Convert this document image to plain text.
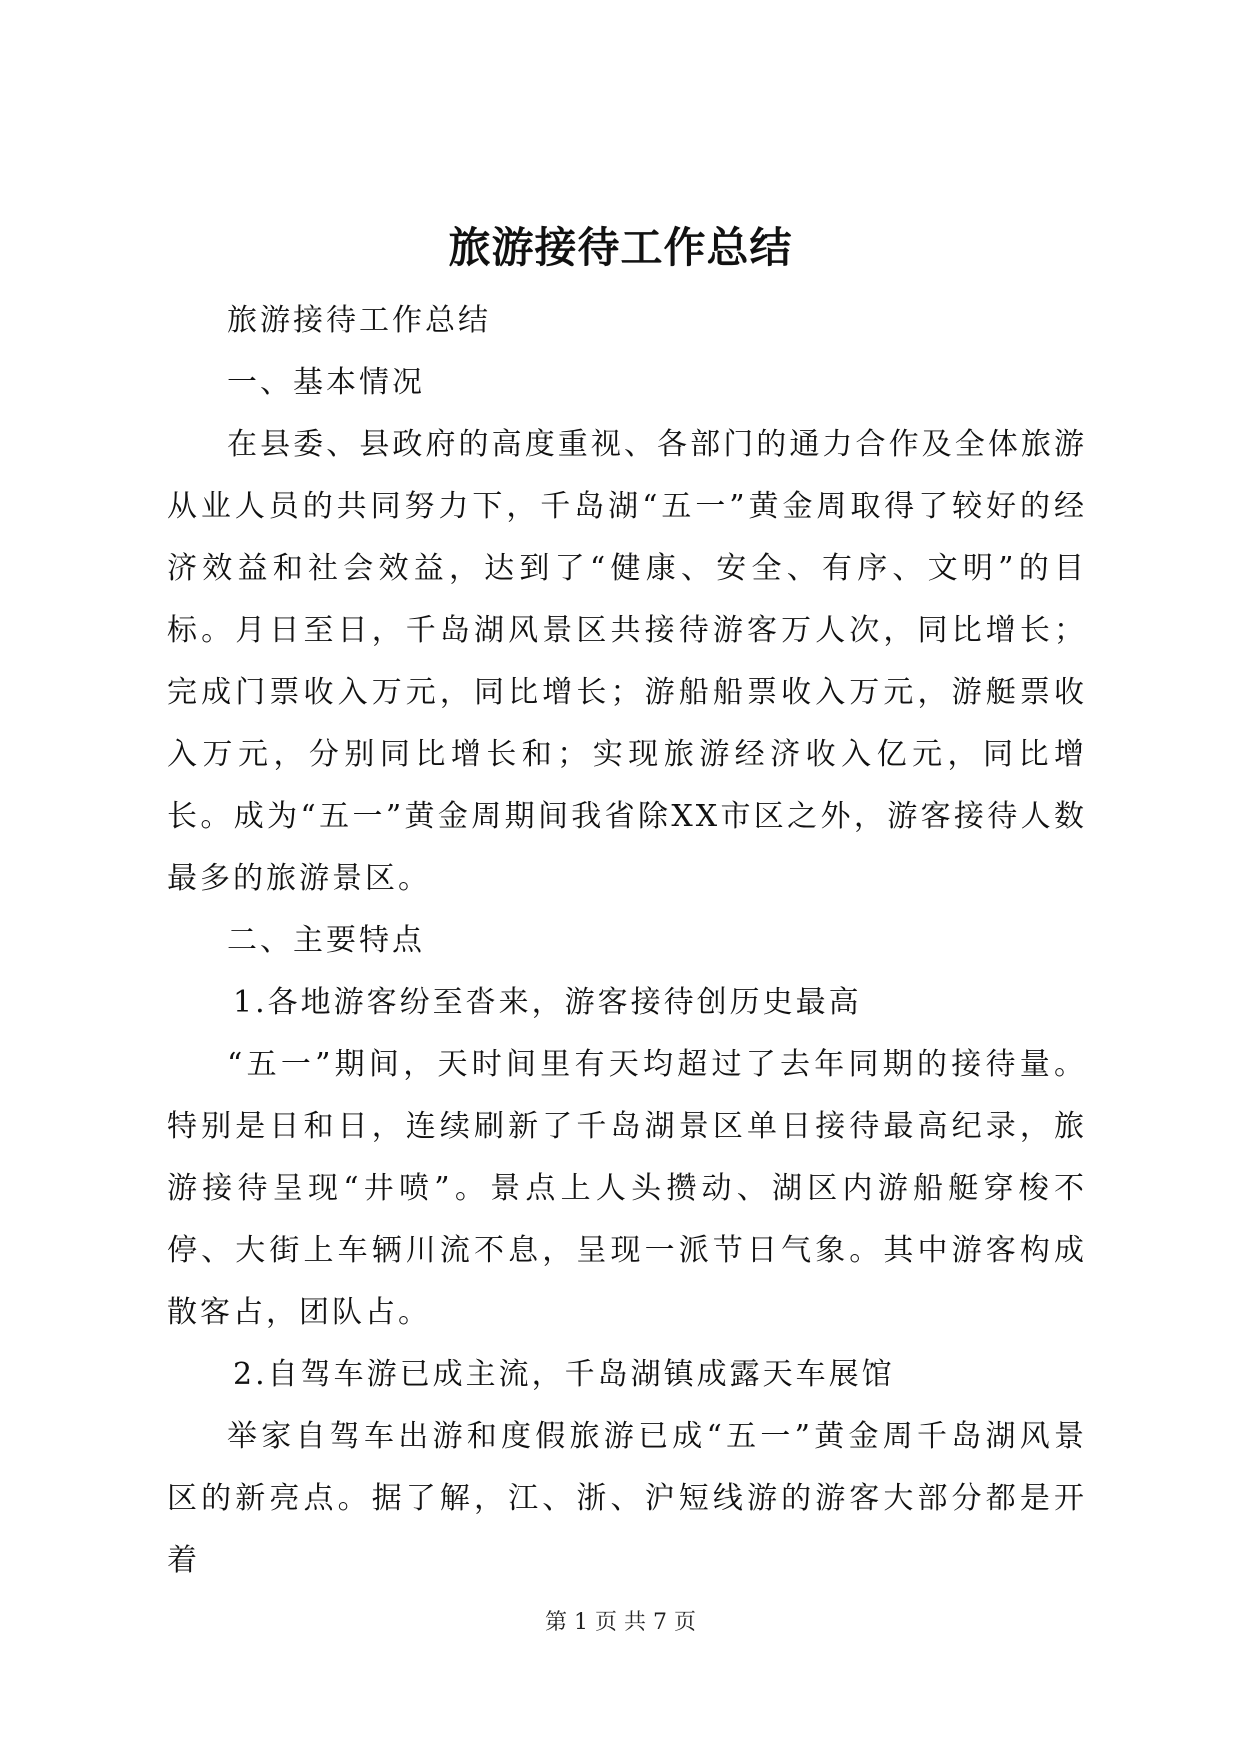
旅游接待工作总结

旅游接待工作总结

一、基本情况

在县委、县政府的高度重视、各部门的通力合作及全体旅游从业人员的共同努力下，千岛湖“五一”黄金周取得了较好的经济效益和社会效益，达到了“健康、安全、有序、文明”的目标。月日至日，千岛湖风景区共接待游客万人次，同比增长；完成门票收入万元，同比增长；游船船票收入万元，游艇票收入万元，分别同比增长和；实现旅游经济收入亿元，同比增长。成为“五一”黄金周期间我省除XX市区之外，游客接待人数最多的旅游景区。

二、主要特点

1.各地游客纷至沓来，游客接待创历史最高

“五一”期间，天时间里有天均超过了去年同期的接待量。特别是日和日，连续刷新了千岛湖景区单日接待最高纪录，旅游接待呈现“井喷”。景点上人头攒动、湖区内游船艇穿梭不停、大街上车辆川流不息，呈现一派节日气象。其中游客构成散客占，团队占。

2.自驾车游已成主流，千岛湖镇成露天车展馆

举家自驾车出游和度假旅游已成“五一”黄金周千岛湖风景区的新亮点。据了解，江、浙、沪短线游的游客大部分都是开着

第 1 页 共 7 页
